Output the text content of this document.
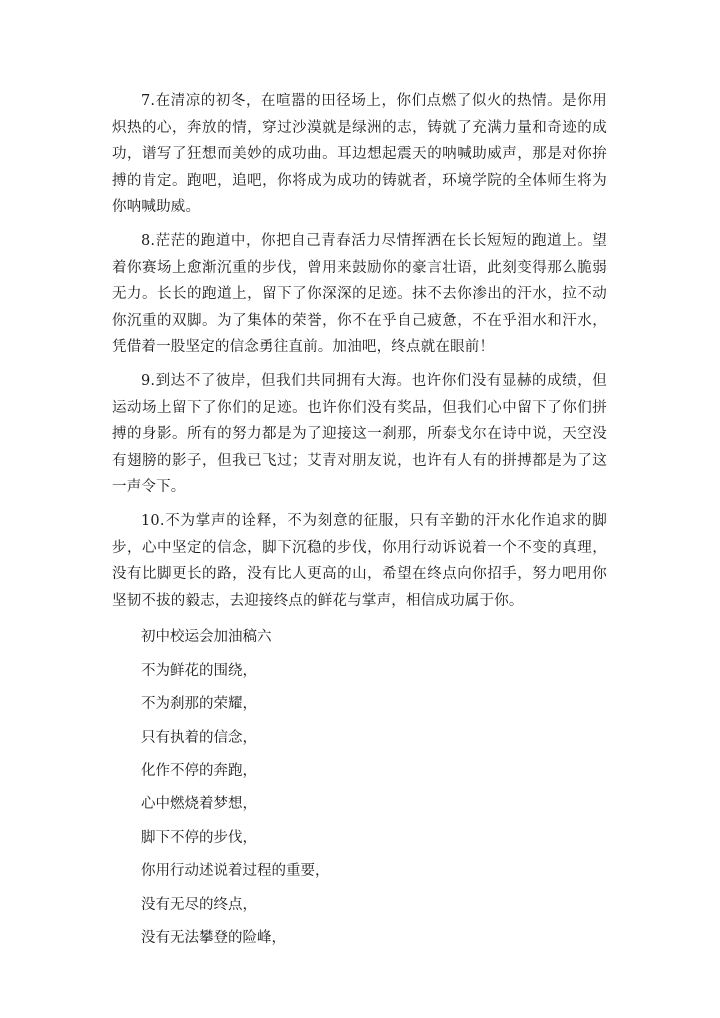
7.在清凉的初冬，在喧嚣的田径场上，你们点燃了似火的热情。是你用炽热的心，奔放的情，穿过沙漠就是绿洲的志，铸就了充满力量和奇迹的成功，谱写了狂想而美妙的成功曲。耳边想起震天的呐喊助威声，那是对你拚搏的肯定。跑吧，追吧，你将成为成功的铸就者，环境学院的全体师生将为你呐喊助威。

8.茫茫的跑道中，你把自己青春活力尽情挥洒在长长短短的跑道上。望着你赛场上愈渐沉重的步伐，曾用来鼓励你的豪言壮语，此刻变得那么脆弱无力。长长的跑道上，留下了你深深的足迹。抹不去你渗出的汗水，拉不动你沉重的双脚。为了集体的荣誉，你不在乎自己疲惫，不在乎泪水和汗水，凭借着一股坚定的信念勇往直前。加油吧，终点就在眼前！

9.到达不了彼岸，但我们共同拥有大海。也许你们没有显赫的成绩，但运动场上留下了你们的足迹。也许你们没有奖品，但我们心中留下了你们拼搏的身影。所有的努力都是为了迎接这一刹那，所泰戈尔在诗中说，天空没有翅膀的影子，但我已飞过；艾青对朋友说，也许有人有的拼搏都是为了这一声令下。

10.不为掌声的诠释，不为刻意的征服，只有辛勤的汗水化作追求的脚步，心中坚定的信念，脚下沉稳的步伐，你用行动诉说着一个不变的真理，没有比脚更长的路，没有比人更高的山，希望在终点向你招手，努力吧用你坚韧不拔的毅志，去迎接终点的鲜花与掌声，相信成功属于你。

初中校运会加油稿六

不为鲜花的围绕，

不为刹那的荣耀，

只有执着的信念，

化作不停的奔跑，

心中燃烧着梦想，

脚下不停的步伐，

你用行动述说着过程的重要，

没有无尽的终点，

没有无法攀登的险峰，
